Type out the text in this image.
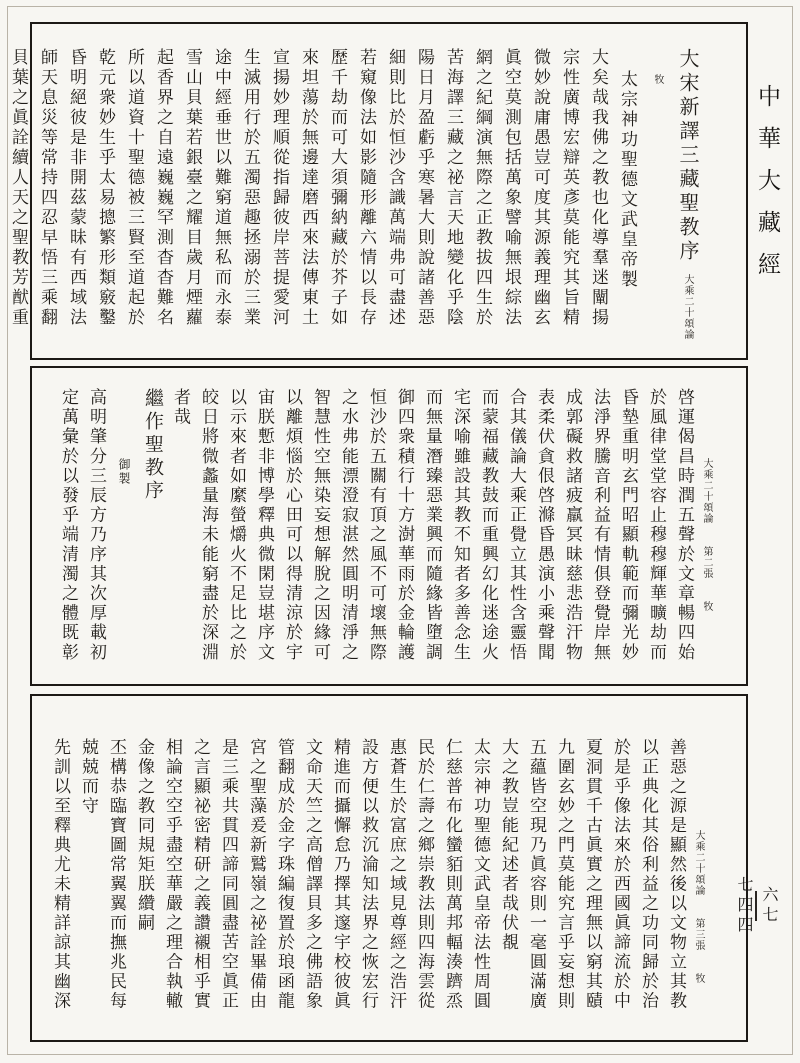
中華大藏經
六七
七四四
大宋新譯三藏聖教序大乘二十頌論牧
太宗神功聖德文武皇帝製
大矣哉我佛之教也化導羣迷闡揚
宗性廣博宏辯英彥莫能究其旨精
微妙說庸愚豈可度其源義理幽玄
眞空莫測包括萬象譬喻無垠綜法
網之紀綱演無際之正教拔四生於
苦海譯三藏之祕言天地變化乎陰
陽日月盈虧乎寒暑大則說諸善惡
細則比於恒沙含識萬端弗可盡述
若窺像法如影隨形離六情以長存
歷千劫而可大須彌納藏於芥子如
來坦蕩於無邊達磨西來法傳東土
宣揚妙理順從指歸彼岸菩提愛河
生滅用行於五濁惡趣拯溺於三業
途中經垂世以難窮道無私而永泰
雪山貝葉若銀臺之耀目歲月煙蘿
起香界之自遠巍巍罕測杳杳難名
所以道資十聖德被三賢至道起於
乾元衆妙生乎太易摠繁形類竅鑿
昏明絕彼是非開茲蒙昧有西域法
師天息災等常持四忍早悟三乘翻
貝葉之眞詮續人天之聖教芳猷重
大乘二十頌論　　第二張　　牧
啓運偈昌時潤五聲於文章暢四始
於風律堂堂容止穆穆輝華曠劫而
昏墊重明玄門昭顯軌範而彌光妙
法淨界騰音利益有情俱登覺岸無
成郭礙救諸疲羸冥昧慈悲浩汗物
表柔伏貪佷啓滌昏愚演小乘聲聞
合其儀論大乘正覺立其性含靈悟
而蒙福藏教鼓而重興幻化迷途火
宅深喻雖設其教不知者多善念生
而無量潛臻惡業興而隨緣皆墮調
御四衆積行十方澍華雨於金輪護
恒沙於五關有頂之風不可壞無際
之水弗能漂澄寂湛然圓明清淨之
智慧性空無染妄想解脫之因緣可
以離煩惱於心田可以得清涼於宇
宙朕慙非博學釋典微閑豈堪序文
以示來者如縻螢爝火不足比之於
皎日將微蠡量海未能窮盡於深淵
者哉
繼作聖教序
御製
高明肇分三辰方乃序其次厚載初
定萬彙於以發乎端清濁之體既彰
大乘二十頌論　　第三張　　牧
善惡之源是顯然後以文物立其教
以正典化其俗利益之功同歸於治
於是乎像法來於西國眞諦流於中
夏洞貫千古眞實之理無以窮其賾
九圍玄妙之門莫能究言乎妄想則
五蘊皆空現乃眞容則一毫圓滿廣
大之教豈能紀述者哉伏覩
太宗神功聖德文武皇帝法性周圓
仁慈普布化蠻貊則萬邦輻湊躋烝
民於仁壽之鄉崇教法則四海雲從
惠蒼生於富庶之域見尊經之浩汗
設方便以救沉淪知法界之恢宏行
精進而攝懈怠乃擇其邃宇校彼眞
文命天竺之高僧譯貝多之佛語象
管翻成於金字珠編復置於琅函龍
宮之聖藻爰新鷲嶺之祕詮畢備由
是三乘共貫四諦同圓盡苦空眞正
之言顯祕密精研之義讚襯相乎實
相論空空乎盡空華嚴之理合執轍
金像之教同規矩朕纘嗣
丕構恭臨寶圖常翼翼而撫兆民每
兢兢而守
先訓以至釋典尤未精詳諒其幽深
